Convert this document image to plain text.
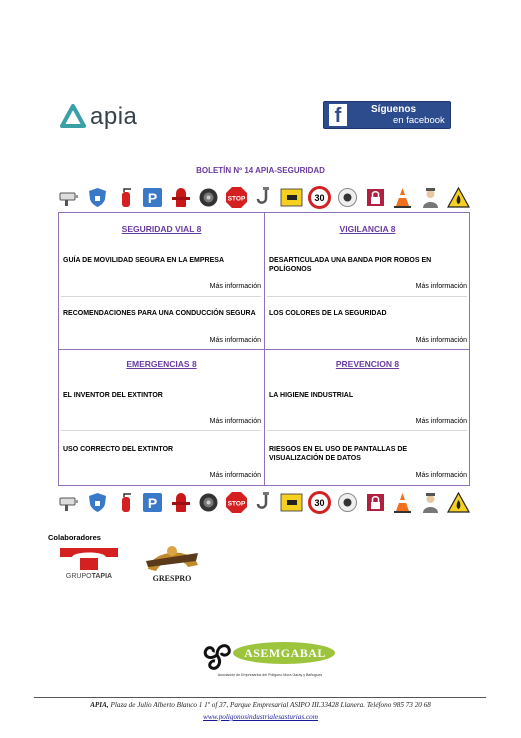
apia	f	Síguenos
en facebook
BOLETÍN Nº 14 APIA-SEGURIDAD
P	STOP	30
SEGURIDAD VIAL 8
GUÍA DE MOVILIDAD SEGURA EN LA EMPRESA
Más información
RECOMENDACIONES PARA UNA CONDUCCIÓN SEGURA
Más información
VIGILANCIA 8
DESARTICULADA UNA BANDA PIOR ROBOS EN POLÍGONOS
Más información
LOS COLORES DE LA SEGURIDAD
Más información
EMERGENCIAS 8
EL INVENTOR DEL EXTINTOR
Más información
USO CORRECTO DEL EXTINTOR
Más información
PREVENCION 8
LA HIGIENE INDUSTRIAL
Más información
RIESGOS EN EL USO DE PANTALLAS DE VISUALIZACIÓN DE DATOS
Más información
P	STOP	30
Colaboradores
GRUPOTAPIA	GRESPRO
ASEMGABAL
Asociación de Empresarios del Polígono Mora Garay y Bañugues
APIA, Plaza de Julio Alberto Blanco 1 1º of 37, Parque Empresarial ASIPO III.33428 Llanera. Teléfono 985 73 20 68
www.poligonosindustrialesasturias.com
